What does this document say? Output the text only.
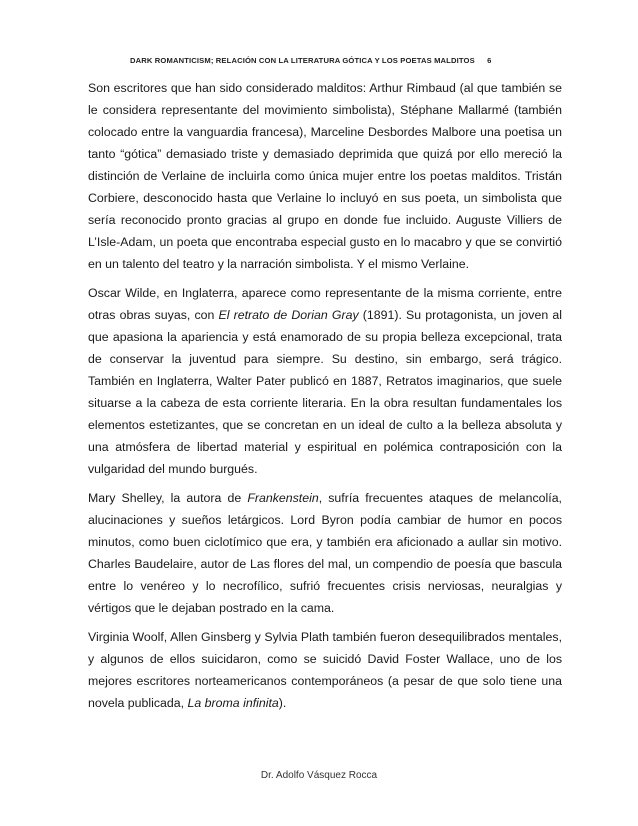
DARK ROMANTICISM; RELACIÓN CON LA LITERATURA GÓTICA Y LOS POETAS MALDITOS 6

Son escritores que han sido considerado malditos: Arthur Rimbaud (al que también se le considera representante del movimiento simbolista), Stéphane Mallarmé (también colocado entre la vanguardia francesa), Marceline Desbordes Malbore una poetisa un tanto “gótica” demasiado triste y demasiado deprimida que quizá por ello mereció la distinción de Verlaine de incluirla como única mujer entre los poetas malditos. Tristán Corbiere, desconocido hasta que Verlaine lo incluyó en sus poeta, un simbolista que sería reconocido pronto gracias al grupo en donde fue incluido. Auguste Villiers de L’Isle-Adam, un poeta que encontraba especial gusto en lo macabro y que se convirtió en un talento del teatro y la narración simbolista. Y el mismo Verlaine.

Oscar Wilde, en Inglaterra, aparece como representante de la misma corriente, entre otras obras suyas, con El retrato de Dorian Gray (1891). Su protagonista, un joven al que apasiona la apariencia y está enamorado de su propia belleza excepcional, trata de conservar la juventud para siempre. Su destino, sin embargo, será trágico. También en Inglaterra, Walter Pater publicó en 1887, Retratos imaginarios, que suele situarse a la cabeza de esta corriente literaria. En la obra resultan fundamentales los elementos estetizantes, que se concretan en un ideal de culto a la belleza absoluta y una atmósfera de libertad material y espiritual en polémica contraposición con la vulgaridad del mundo burgués.

Mary Shelley, la autora de Frankenstein, sufría frecuentes ataques de melancolía, alucinaciones y sueños letárgicos. Lord Byron podía cambiar de humor en pocos minutos, como buen ciclotímico que era, y también era aficionado a aullar sin motivo. Charles Baudelaire, autor de Las flores del mal, un compendio de poesía que bascula entre lo venéreo y lo necrofílico, sufrió frecuentes crisis nerviosas, neuralgias y vértigos que le dejaban postrado en la cama.

Virginia Woolf, Allen Ginsberg y Sylvia Plath también fueron desequilibrados mentales, y algunos de ellos suicidaron, como se suicidó David Foster Wallace, uno de los mejores escritores norteamericanos contemporáneos (a pesar de que solo tiene una novela publicada, La broma infinita).

Dr. Adolfo Vásquez Rocca
